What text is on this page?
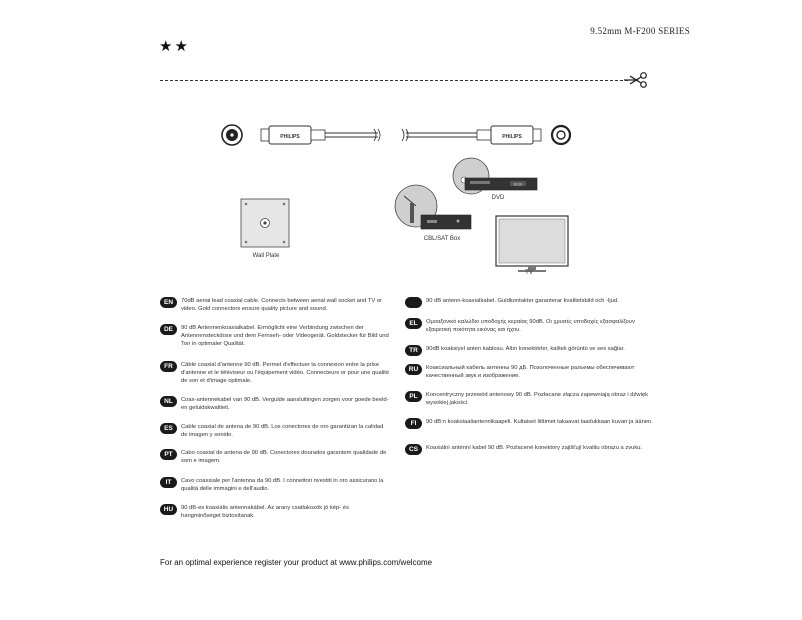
9.52mm M-F200 SERIES
★★
PHILIPS	PHILIPS
88:88
Wall Plate
CBL/SAT Box
DVD
TV
EN	70dB aerial lead coaxial cable. Connects between aerial wall socket and TV or video. Gold connectors ensure quality picture and sound.
DE	90 dB Antennenkoaxialkabel. Ermöglicht eine Verbindung zwischen der Antennensteckdose und dem Fernseh- oder Videogerät. Goldstecker für Bild und Ton in optimaler Qualität.
FR	Câble coaxial d'antenne 90 dB. Permet d'effectuer la connexion entre la prise d'antenne et le téléviseur ou l'équipement vidéo. Connecteurs or pour une qualité de son et d'image optimale.
NL	Coax-antennekabel van 90 dB. Vergulde aansluitingen zorgen voor goede beeld- en geluidskwaliteit.
ES	Cable coaxial de antena de 90 dB. Los conectores de oro garantizan la calidad de imagen y sonido.
PT	Cabo coaxial de antena de 90 dB. Conectores dourados garantem qualidade de som e imagem.
IT	Cavo coassiale per l'antenna da 90 dB. I connettori rivestiti in oro assicurano la qualità delle immagini e dell'audio.
HU	90 dB-es koaxiális antennakábel. Az arany csatlakozók jó kép- és hangminőséget biztosítanak.
90 dB antenn-koaxialkabel. Guldkontakter garanterar kvalitetsbild och -ljud.
EL	Ομοαξονικό καλώδιο υποδοχής κεραίας 90dB. Οι χρυσές υποδοχές εξασφαλίζουν εξαιρετική ποιότητα εικόνας και ήχου.
TR	90dB koaksiyel anten kablosu. Altın konektörler, kaliteli görüntü ve ses sağlar.
RU	Коаксиальный кабель антенны 90 дБ. Позолоченные разъемы обеспечивают качественный звук и изображение.
PL	Koncentryczny przewód antenowy 90 dB. Pozłacane złącza zapewniają obraz i dźwięk wysokiej jakości.
FI	90 dB:n koaksiaaliantennikaapeli. Kultaiset liittimet takaavat laadukkaan kuvan ja äänen.
CS	Koaxiální anténní kabel 90 dB. Pozlacené konektory zajišťují kvalitu obrazu a zvuku.
For an optimal experience register your product at www.philips.com/welcome
